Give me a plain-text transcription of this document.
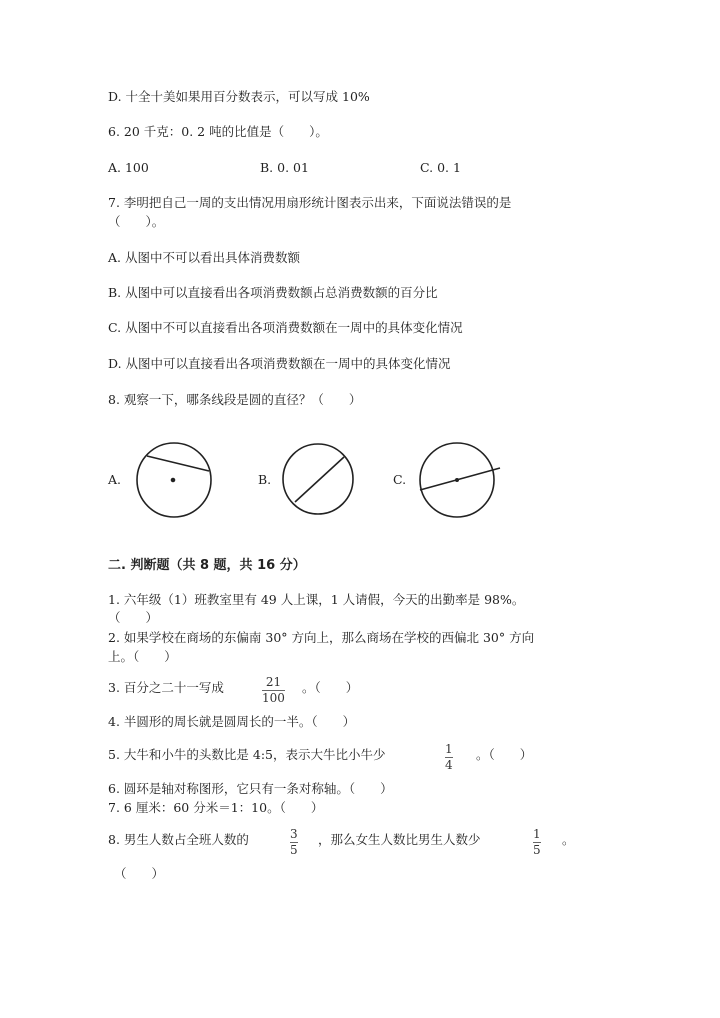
D. 十全十美如果用百分数表示，可以写成 10%
6. 20 千克：0. 2 吨的比值是（　　）。
A. 100	B. 0. 01	C. 0. 1
7. 李明把自己一周的支出情况用扇形统计图表示出来，下面说法错误的是
（　　）。
A. 从图中不可以看出具体消费数额
B. 从图中可以直接看出各项消费数额占总消费数额的百分比
C. 从图中不可以直接看出各项消费数额在一周中的具体变化情况
D. 从图中可以直接看出各项消费数额在一周中的具体变化情况
8. 观察一下，哪条线段是圆的直径？（　　）
A.	B.	C.
二. 判断题（共 8 题，共 16 分）
1. 六年级（1）班教室里有 49 人上课，1 人请假，今天的出勤率是 98%。
（　　）
2. 如果学校在商场的东偏南 30° 方向上，那么商场在学校的西偏北 30° 方向
上。（　　）
3. 百分之二十一写成	21
100
。（　　）
4. 半圆形的周长就是圆周长的一半。（　　）
5. 大牛和小牛的头数比是 4:5，表示大牛比小牛少	1
4
。（　　）
6. 圆环是轴对称图形，它只有一条对称轴。（　　）
7. 6 厘米：60 分米＝1：10。（　　）
8. 男生人数占全班人数的	3
5
，那么女生人数比男生人数少	1
5
。
（　　）
